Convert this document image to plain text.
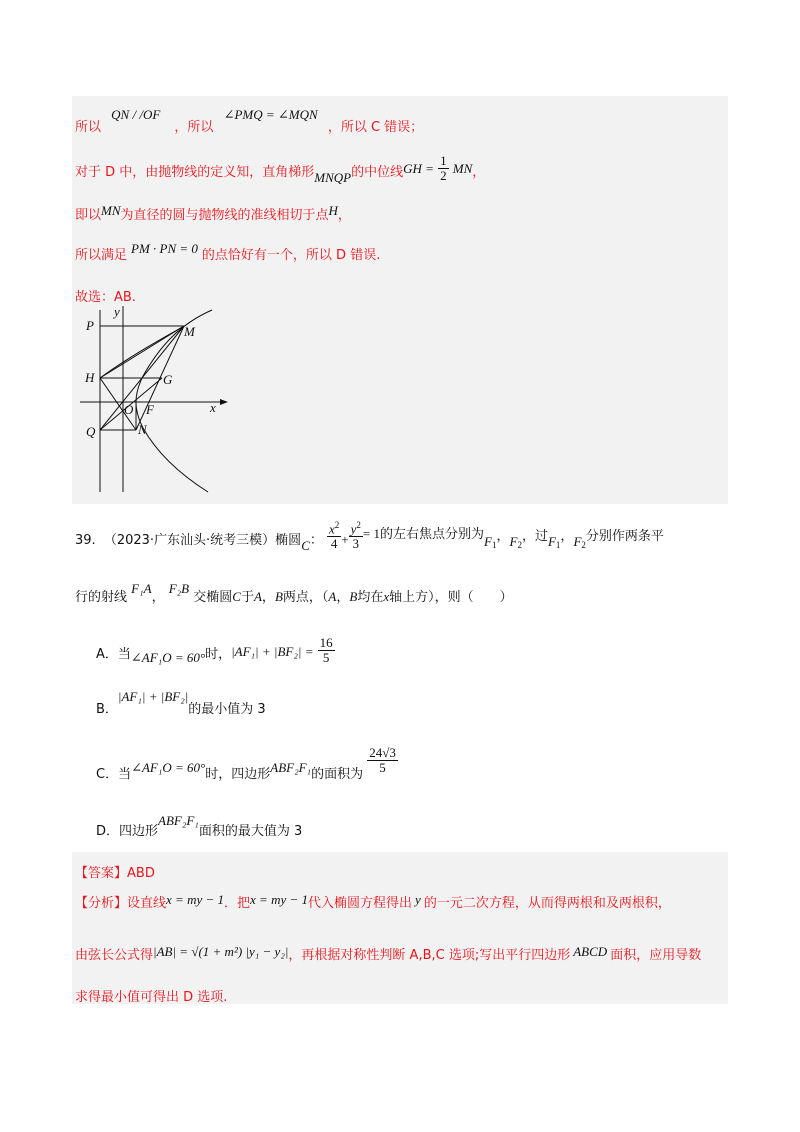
所以 QN / /OF ，所以 ∠PMQ = ∠MQN ，所以 C 错误；
对于 D 中，由抛物线的定义知，直角梯形MNQP的中位线GH = $\frac{1}{2}$ MN，
即以MN为直径的圆与抛物线的准线相切于点H，
所以满足 PM · PN = 0 的点恰好有一个，所以 D 错误.
故选：AB.
P
y
M
H	G
O F	x
Q	N
39. （2023·广东汕头·统考三模）椭圆C： $\frac{x^2}{4} + \frac{y^2}{3} = 1$的左右焦点分别为$F_1$，$F_2$，过$F_1$，$F_2$分别作两条平
行的射线 F₁A， F₂B 交椭圆C于A，B两点，（A，B均在x轴上方），则（　　）
A．当∠AF₁O = 60°时，$|AF_1| + |BF_2| = \frac{16}{5}$
B．|AF₁| + |BF₂|的最小值为 3
C．当∠AF₁O = 60°时，四边形ABF₂F₁的面积为 $\frac{24√3}{5}$
D．四边形ABF₂F₁面积的最大值为 3
【答案】ABD
【分析】设直线x = my − 1．把x = my − 1代入椭圆方程得出 y 的一元二次方程，从而得两根和及两根积，
由弦长公式得|AB| = √(1 + m²) |y₁ − y₂|，再根据对称性判断 A,B,C 选项;写出平行四边形 ABCD 面积，应用导数
求得最小值可得出 D 选项.
